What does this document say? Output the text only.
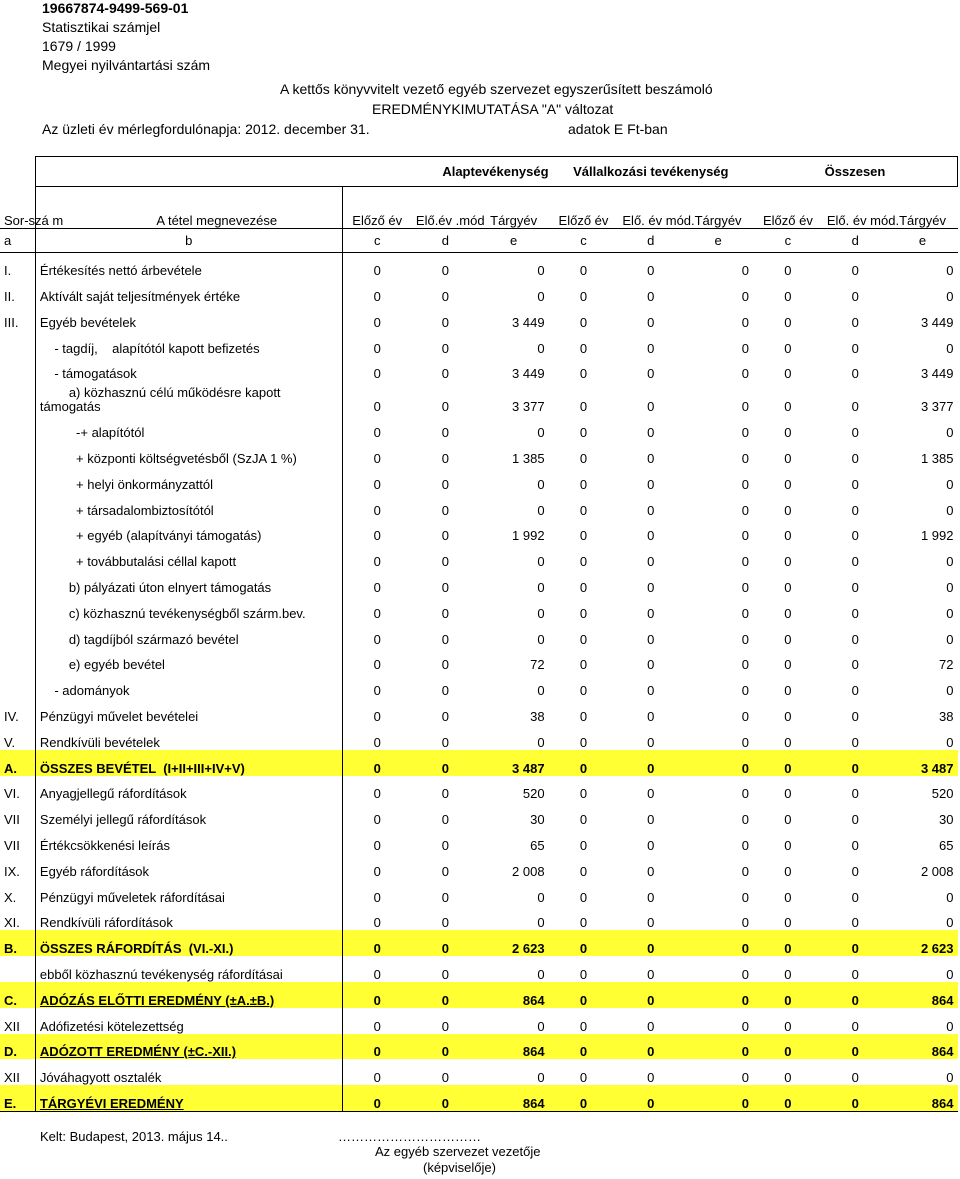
19667874-9499-569-01
Statisztikai számjel
1679 / 1999
Megyei nyilvántartási szám
A kettős könyvvitelt vezető egyéb szervezet egyszerűsített beszámoló
EREDMÉNYKIMUTATÁSA "A" változat
Az üzleti év mérlegfordulónapja: 2012. december 31.	adatok E Ft-ban
		Alaptevékenység			Vállalkozási tevékenység			Összesen		
Sor-szá m	A tétel megnevezése	Előző év	Elő.év .mód	Tárgyév	Előző év	Elő. év mód.	Tárgyév	Előző év	Elő. év mód.	Tárgyév
a	b	c	d	e	c	d	e	c	d	e
I.	Értékesítés nettó árbevétele	0	0	0	0	0	0	0	0	0
II.	Aktívált saját teljesítmények értéke	0	0	0	0	0	0	0	0	0
III.	Egyéb bevételek	0	0	3 449	0	0	0	0	0	3 449
	- tagdíj,    alapítótól kapott befizetés	0	0	0	0	0	0	0	0	0
	- támogatások	0	0	3 449	0	0	0	0	0	3 449
	a) közhasznú célú működésre kapott
támogatás	0	0	3 377	0	0	0	0	0	3 377
	-+ alapítótól	0	0	0	0	0	0	0	0	0
	+ központi költségvetésből (SzJA 1 %)	0	0	1 385	0	0	0	0	0	1 385
	+ helyi önkormányzattól	0	0	0	0	0	0	0	0	0
	+ társadalombiztosítótól	0	0	0	0	0	0	0	0	0
	+ egyéb (alapítványi támogatás)	0	0	1 992	0	0	0	0	0	1 992
	+ továbbutalási céllal kapott	0	0	0	0	0	0	0	0	0
	b) pályázati úton elnyert támogatás	0	0	0	0	0	0	0	0	0
	c) közhasznú tevékenységből szárm.bev.	0	0	0	0	0	0	0	0	0
	d) tagdíjból származó bevétel	0	0	0	0	0	0	0	0	0
	e) egyéb bevétel	0	0	72	0	0	0	0	0	72
	- adományok	0	0	0	0	0	0	0	0	0
IV.	Pénzügyi művelet bevételei	0	0	38	0	0	0	0	0	38
V.	Rendkívüli bevételek	0	0	0	0	0	0	0	0	0
A.	ÖSSZES BEVÉTEL  (I+II+III+IV+V)	0	0	3 487	0	0	0	0	0	3 487
VI.	Anyagjellegű ráfordítások	0	0	520	0	0	0	0	0	520
VII	Személyi jellegű ráfordítások	0	0	30	0	0	0	0	0	30
VII	Értékcsökkenési leírás	0	0	65	0	0	0	0	0	65
IX.	Egyéb ráfordítások	0	0	2 008	0	0	0	0	0	2 008
X.	Pénzügyi műveletek ráfordításai	0	0	0	0	0	0	0	0	0
XI.	Rendkívüli ráfordítások	0	0	0	0	0	0	0	0	0
B.	ÖSSZES RÁFORDÍTÁS  (VI.-XI.)	0	0	2 623	0	0	0	0	0	2 623
	ebből közhasznú tevékenység ráfordításai	0	0	0	0	0	0	0	0	0
C.	ADÓZÁS ELŐTTI EREDMÉNY (±A.±B.)	0	0	864	0	0	0	0	0	864
XII	Adófizetési kötelezettség	0	0	0	0	0	0	0	0	0
D.	ADÓZOTT EREDMÉNY (±C.-XII.)	0	0	864	0	0	0	0	0	864
XII	Jóváhagyott osztalék	0	0	0	0	0	0	0	0	0
E.	TÁRGYÉVI EREDMÉNY	0	0	864	0	0	0	0	0	864
Kelt: Budapest, 2013. május 14..	……………………………
Az egyéb szervezet vezetője
(képviselője)
